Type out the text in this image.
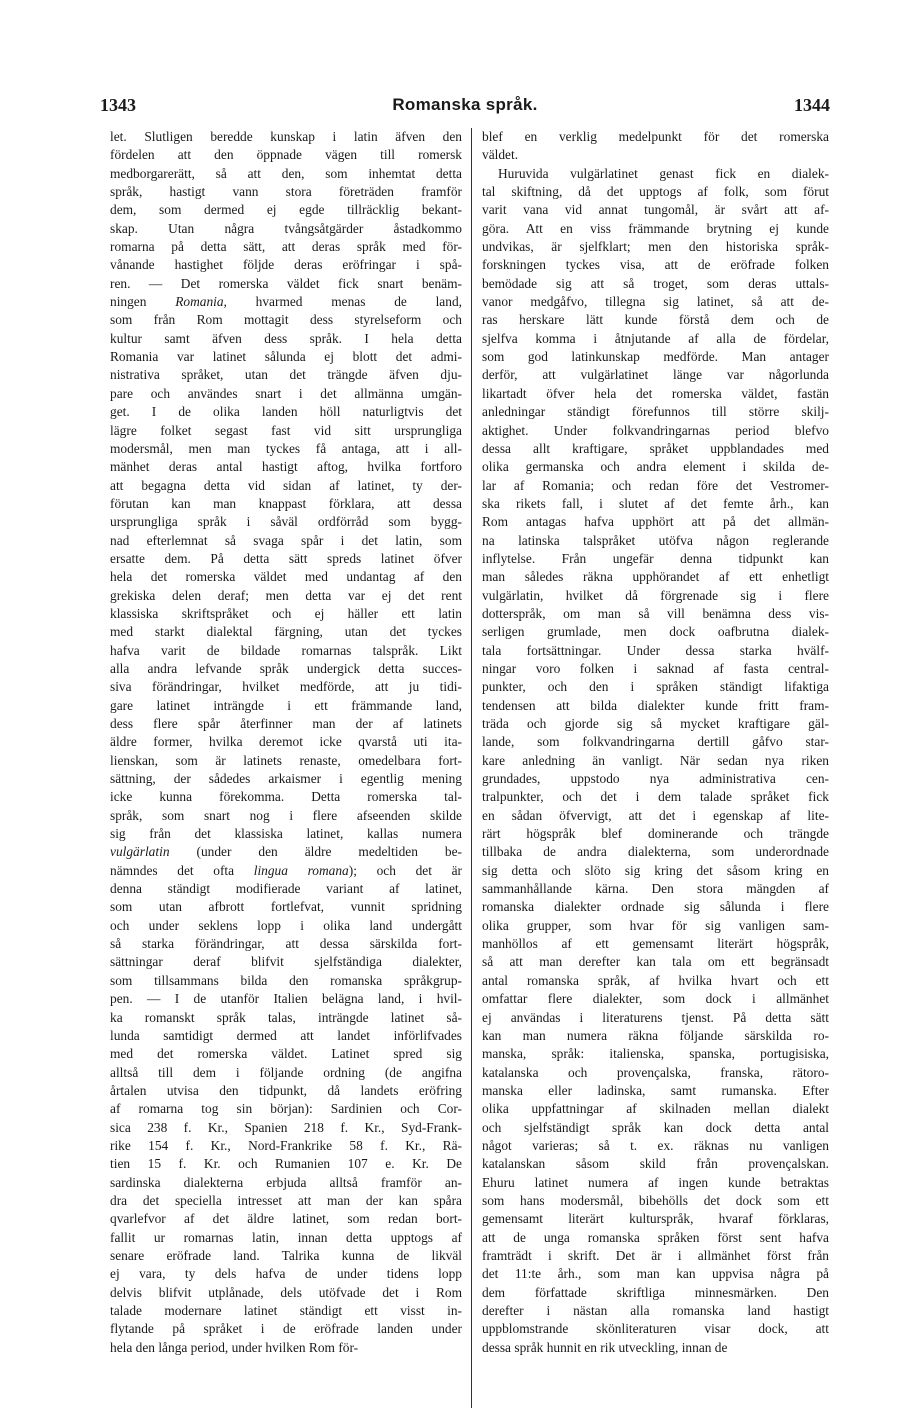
1343	Romanska språk.	1344
let. Slutligen beredde kunskap i latin äfven den
fördelen att den öppnade vägen till romersk
medborgarerätt, så att den, som inhemtat detta
språk, hastigt vann stora företräden framför
dem, som dermed ej egde tillräcklig bekant-
skap. Utan några tvångsåtgärder åstadkommo
romarna på detta sätt, att deras språk med för-
vånande hastighet följde deras eröfringar i spå-
ren. — Det romerska väldet fick snart benäm-
ningen Romania, hvarmed menas de land,
som från Rom mottagit dess styrelseform och
kultur samt äfven dess språk. I hela detta
Romania var latinet sålunda ej blott det admi-
nistrativa språket, utan det trängde äfven dju-
pare och användes snart i det allmänna umgän-
get. I de olika landen höll naturligtvis det
lägre folket segast fast vid sitt ursprungliga
modersmål, men man tyckes få antaga, att i all-
mänhet deras antal hastigt aftog, hvilka fortforo
att begagna detta vid sidan af latinet, ty der-
förutan kan man knappast förklara, att dessa
ursprungliga språk i såväl ordförråd som bygg-
nad efterlemnat så svaga spår i det latin, som
ersatte dem. På detta sätt spreds latinet öfver
hela det romerska väldet med undantag af den
grekiska delen deraf; men detta var ej det rent
klassiska skriftspråket och ej häller ett latin
med starkt dialektal färgning, utan det tyckes
hafva varit de bildade romarnas talspråk. Likt
alla andra lefvande språk undergick detta succes-
siva förändringar, hvilket medförde, att ju tidi-
gare latinet inträngde i ett främmande land,
dess flere spår återfinner man der af latinets
äldre former, hvilka deremot icke qvarstå uti ita-
lienskan, som är latinets renaste, omedelbara fort-
sättning, der sådedes arkaismer i egentlig mening
icke kunna förekomma. Detta romerska tal-
språk, som snart nog i flere afseenden skilde
sig från det klassiska latinet, kallas numera
vulgärlatin (under den äldre medeltiden be-
nämndes det ofta lingua romana); och det är
denna ständigt modifierade variant af latinet,
som utan afbrott fortlefvat, vunnit spridning
och under seklens lopp i olika land undergått
så starka förändringar, att dessa särskilda fort-
sättningar deraf blifvit sjelfständiga dialekter,
som tillsammans bilda den romanska språkgrup-
pen. — I de utanför Italien belägna land, i hvil-
ka romanskt språk talas, inträngde latinet så-
lunda samtidigt dermed att landet införlifvades
med det romerska väldet. Latinet spred sig
alltså till dem i följande ordning (de angifna
årtalen utvisa den tidpunkt, då landets eröfring
af romarna tog sin början): Sardinien och Cor-
sica 238 f. Kr., Spanien 218 f. Kr., Syd-Frank-
rike 154 f. Kr., Nord-Frankrike 58 f. Kr., Rä-
tien 15 f. Kr. och Rumanien 107 e. Kr. De
sardinska dialekterna erbjuda alltså framför an-
dra det speciella intresset att man der kan spåra
qvarlefvor af det äldre latinet, som redan bort-
fallit ur romarnas latin, innan detta upptogs af
senare eröfrade land. Talrika kunna de likväl
ej vara, ty dels hafva de under tidens lopp
delvis blifvit utplånade, dels utöfvade det i Rom
talade modernare latinet ständigt ett visst in-
flytande på språket i de eröfrade landen under
hela den långa period, under hvilken Rom för-
blef en verklig medelpunkt för det romerska
väldet.
Huruvida vulgärlatinet genast fick en dialek-
tal skiftning, då det upptogs af folk, som förut
varit vana vid annat tungomål, är svårt att af-
göra. Att en viss främmande brytning ej kunde
undvikas, är sjelfklart; men den historiska språk-
forskningen tyckes visa, att de eröfrade folken
bemödade sig att så troget, som deras uttals-
vanor medgåfvo, tillegna sig latinet, så att de-
ras herskare lätt kunde förstå dem och de
sjelfva komma i åtnjutande af alla de fördelar,
som god latinkunskap medförde. Man antager
derför, att vulgärlatinet länge var någorlunda
likartadt öfver hela det romerska väldet, fastän
anledningar ständigt förefunnos till större skilj-
aktighet. Under folkvandringarnas period blefvo
dessa allt kraftigare, språket uppblandades med
olika germanska och andra element i skilda de-
lar af Romania; och redan före det Vestromer-
ska rikets fall, i slutet af det femte årh., kan
Rom antagas hafva upphört att på det allmän-
na latinska talspråket utöfva någon reglerande
inflytelse. Från ungefär denna tidpunkt kan
man således räkna upphörandet af ett enhetligt
vulgärlatin, hvilket då förgrenade sig i flere
dotterspråk, om man så vill benämna dess vis-
serligen grumlade, men dock oafbrutna dialek-
tala fortsättningar. Under dessa starka hvälf-
ningar voro folken i saknad af fasta central-
punkter, och den i språken ständigt lifaktiga
tendensen att bilda dialekter kunde fritt fram-
träda och gjorde sig så mycket kraftigare gäl-
lande, som folkvandringarna dertill gåfvo star-
kare anledning än vanligt. När sedan nya riken
grundades, uppstodo nya administrativa cen-
tralpunkter, och det i dem talade språket fick
en sådan öfvervigt, att det i egenskap af lite-
rärt högspråk blef dominerande och trängde
tillbaka de andra dialekterna, som underordnade
sig detta och slöto sig kring det såsom kring en
sammanhållande kärna. Den stora mängden af
romanska dialekter ordnade sig sålunda i flere
olika grupper, som hvar för sig vanligen sam-
manhöllos af ett gemensamt literärt högspråk,
så att man derefter kan tala om ett begränsadt
antal romanska språk, af hvilka hvart och ett
omfattar flere dialekter, som dock i allmänhet
ej användas i literaturens tjenst. På detta sätt
kan man numera räkna följande särskilda ro-
manska, språk: italienska, spanska, portugisiska,
katalanska och provençalska, franska, rätoro-
manska eller ladinska, samt rumanska. Efter
olika uppfattningar af skilnaden mellan dialekt
och sjelfständigt språk kan dock detta antal
något varieras; så t. ex. räknas nu vanligen
katalanskan såsom skild från provençalskan.
Ehuru latinet numera af ingen kunde betraktas
som hans modersmål, bibehölls det dock som ett
gemensamt literärt kulturspråk, hvaraf förklaras,
att de unga romanska språken först sent hafva
framträdt i skrift. Det är i allmänhet först från
det 11:te årh., som man kan uppvisa några på
dem författade skriftliga minnesmärken. Den
derefter i nästan alla romanska land hastigt
uppblomstrande skönliteraturen visar dock, att
dessa språk hunnit en rik utveckling, innan de
